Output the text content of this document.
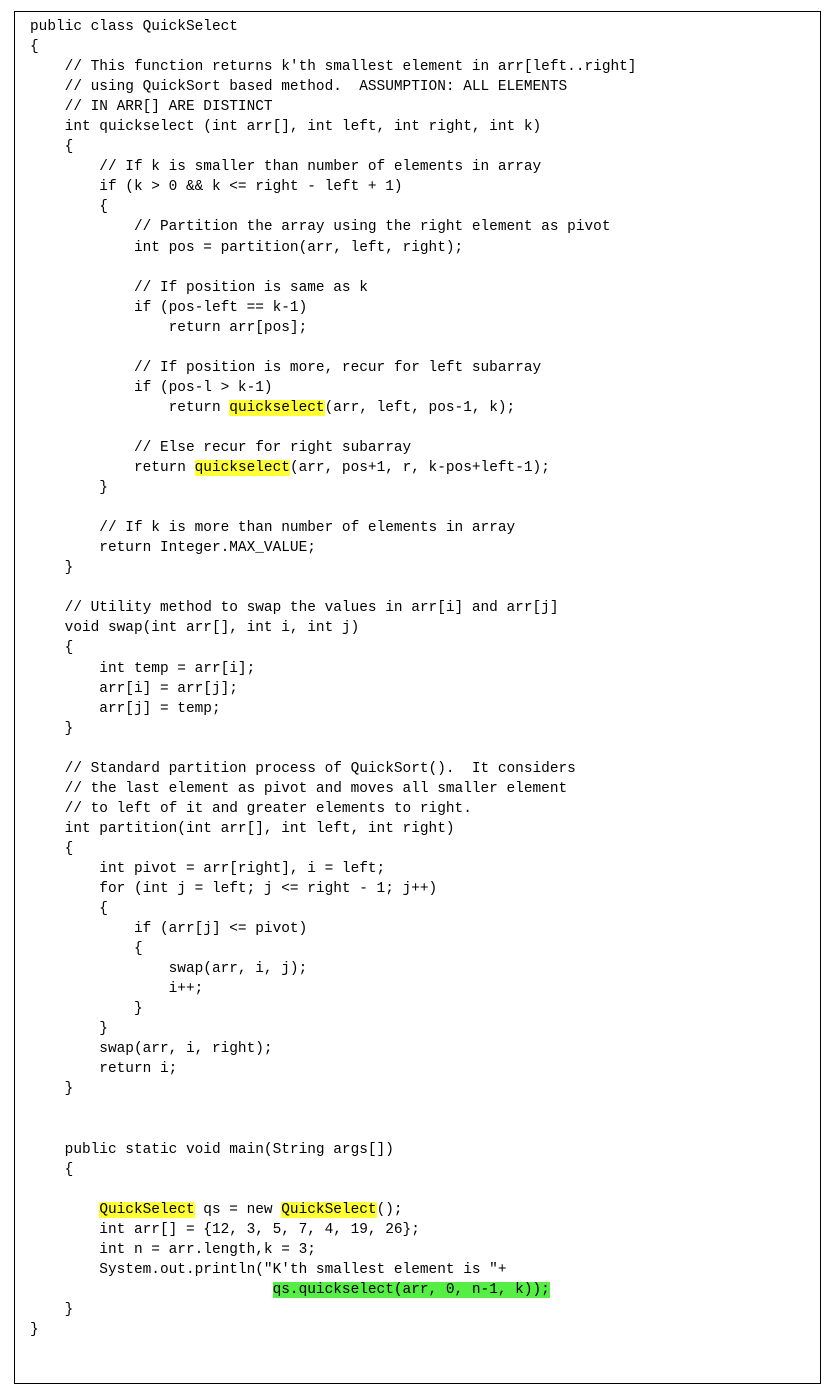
public class QuickSelect
{
// This function returns k'th smallest element in arr[left..right]
// using QuickSort based method.  ASSUMPTION: ALL ELEMENTS
// IN ARR[] ARE DISTINCT
int quickselect (int arr[], int left, int right, int k)
{
// If k is smaller than number of elements in array
if (k > 0 && k <= right - left + 1)
{
// Partition the array using the right element as pivot
int pos = partition(arr, left, right);
// If position is same as k
if (pos-left == k-1)
return arr[pos];
// If position is more, recur for left subarray
if (pos-l > k-1)
return quickselect(arr, left, pos-1, k);
// Else recur for right subarray
return quickselect(arr, pos+1, r, k-pos+left-1);
}
// If k is more than number of elements in array
return Integer.MAX_VALUE;
}
// Utility method to swap the values in arr[i] and arr[j]
void swap(int arr[], int i, int j)
{
int temp = arr[i];
arr[i] = arr[j];
arr[j] = temp;
}
// Standard partition process of QuickSort().  It considers
// the last element as pivot and moves all smaller element
// to left of it and greater elements to right.
int partition(int arr[], int left, int right)
{
int pivot = arr[right], i = left;
for (int j = left; j <= right - 1; j++)
{
if (arr[j] <= pivot)
{
swap(arr, i, j);
i++;
}
}
swap(arr, i, right);
return i;
}
public static void main(String args[])
{
QuickSelect qs = new QuickSelect();
int arr[] = {12, 3, 5, 7, 4, 19, 26};
int n = arr.length,k = 3;
System.out.println("K'th smallest element is "+
qs.quickselect(arr, 0, n-1, k));
}
}
